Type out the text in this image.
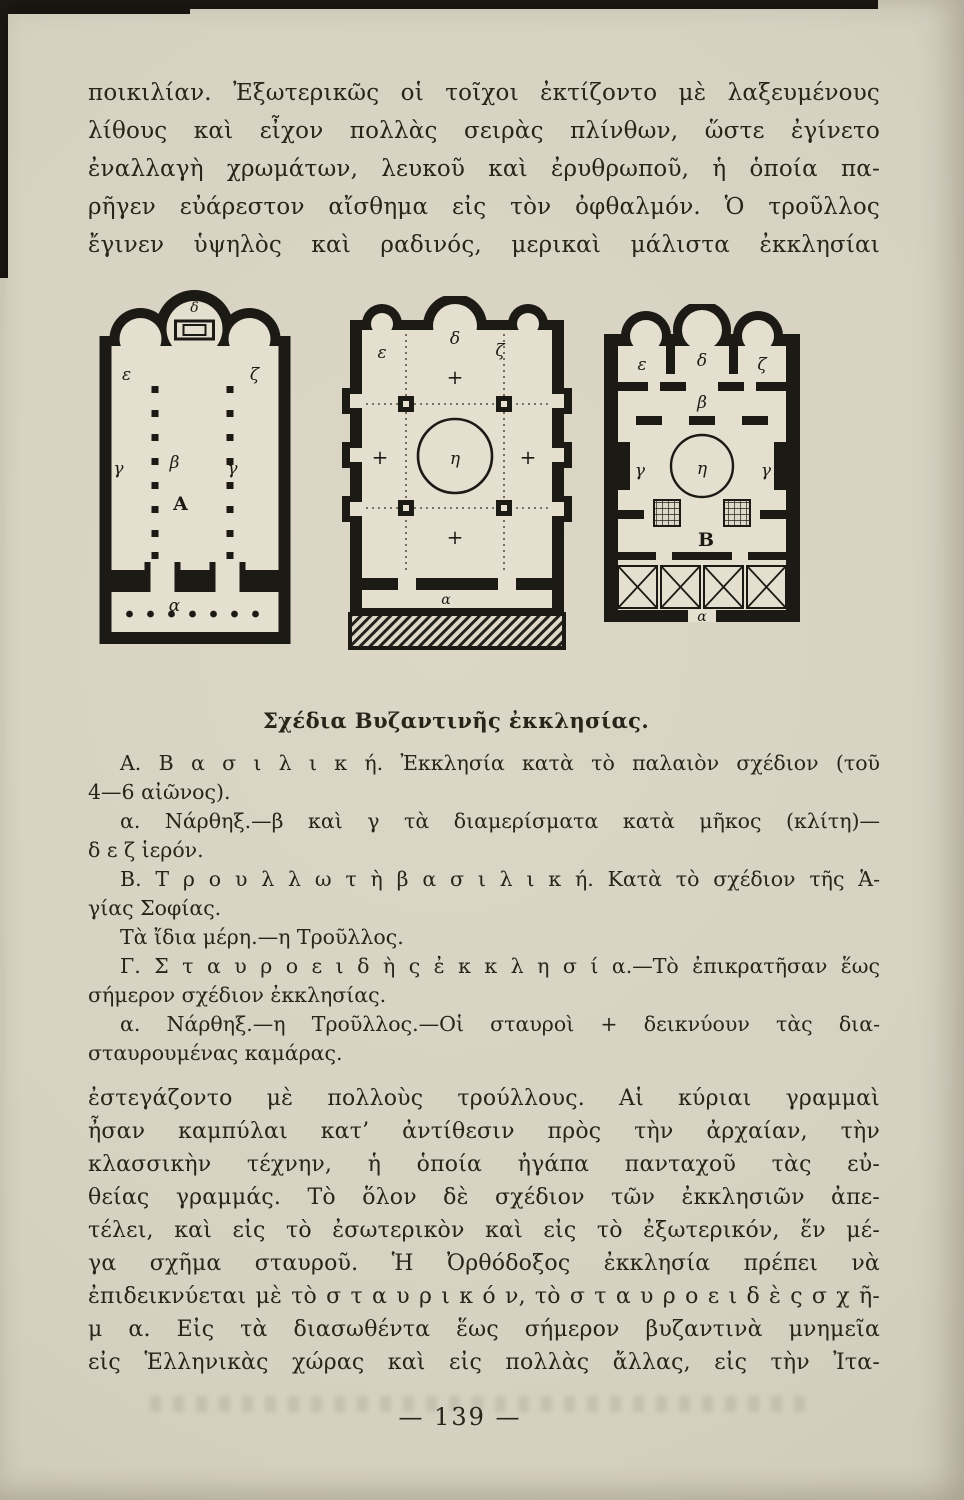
ποικιλίαν. Ἐξωτερικῶς οἱ τοῖχοι ἐκτίζοντο μὲ λαξευμένους
λίθους καὶ εἶχον πολλὰς σειρὰς πλίνθων, ὥστε ἐγίνετο
ἐναλλαγὴ χρωμάτων, λευκοῦ καὶ ἐρυθρωποῦ, ἡ ὁποία πα-
ρῆγεν εὐάρεστον αἴσθημα εἰς τὸν ὀφθαλμόν. Ὁ τροῦλλος
ἔγινεν ὑψηλὸς καὶ ραδινός, μερικαὶ μάλιστα ἐκκλησίαι
ε
δ
ζ
γ	β	γ
A
α
ε
δ
ζ
+
+	+
+
η
α
ε	δ	ζ
β
γ	γ
η
B
α
Σχέδια Βυζαντινῆς ἐκκλησίας.
Α. Β α σ ι λ ι κ ή. Ἐκκλησία κατὰ τὸ παλαιὸν σχέδιον (τοῦ
4—6 αἰῶνος).
α. Νάρθηξ.—β καὶ γ τὰ διαμερίσματα κατὰ μῆκος (κλίτη)—
δ ε ζ ἱερόν.
Β. Τ ρ ο υ λ λ ω τ ὴ β α σ ι λ ι κ ή. Κατὰ τὸ σχέδιον τῆς Ἁ-
γίας Σοφίας.
Τὰ ἴδια μέρη.—η Τροῦλλος.
Γ. Σ τ α υ ρ ο ε ι δ ὴ ς ἐ κ κ λ η σ ί α.—Τὸ ἐπικρατῆσαν ἕως
σήμερον σχέδιον ἐκκλησίας.
α. Νάρθηξ.—η Τροῦλλος.—Οἱ σταυροὶ + δεικνύουν τὰς δια-
σταυρουμένας καμάρας.
ἐστεγάζοντο μὲ πολλοὺς τρούλλους. Αἱ κύριαι γραμμαὶ
ἦσαν καμπύλαι κατ’ ἀντίθεσιν πρὸς τὴν ἀρχαίαν, τὴν
κλασσικὴν τέχνην, ἡ ὁποία ἠγάπα πανταχοῦ τὰς εὐ-
θείας γραμμάς. Τὸ ὅλον δὲ σχέδιον τῶν ἐκκλησιῶν ἀπε-
τέλει, καὶ εἰς τὸ ἐσωτερικὸν καὶ εἰς τὸ ἐξωτερικόν, ἕν μέ-
γα σχῆμα σταυροῦ. Ἡ Ὀρθόδοξος ἐκκλησία πρέπει νὰ
ἐπιδεικνύεται μὲ τὸ σ τ α υ ρ ι κ ό ν, τὸ σ τ α υ ρ ο ε ι δ ὲ ς σ χ ῆ-
μ α. Εἰς τὰ διασωθέντα ἕως σήμερον βυζαντινὰ μνημεῖα
εἰς Ἑλληνικὰς χώρας καὶ εἰς πολλὰς ἄλλας, εἰς τὴν Ἰτα-
— 139 —
